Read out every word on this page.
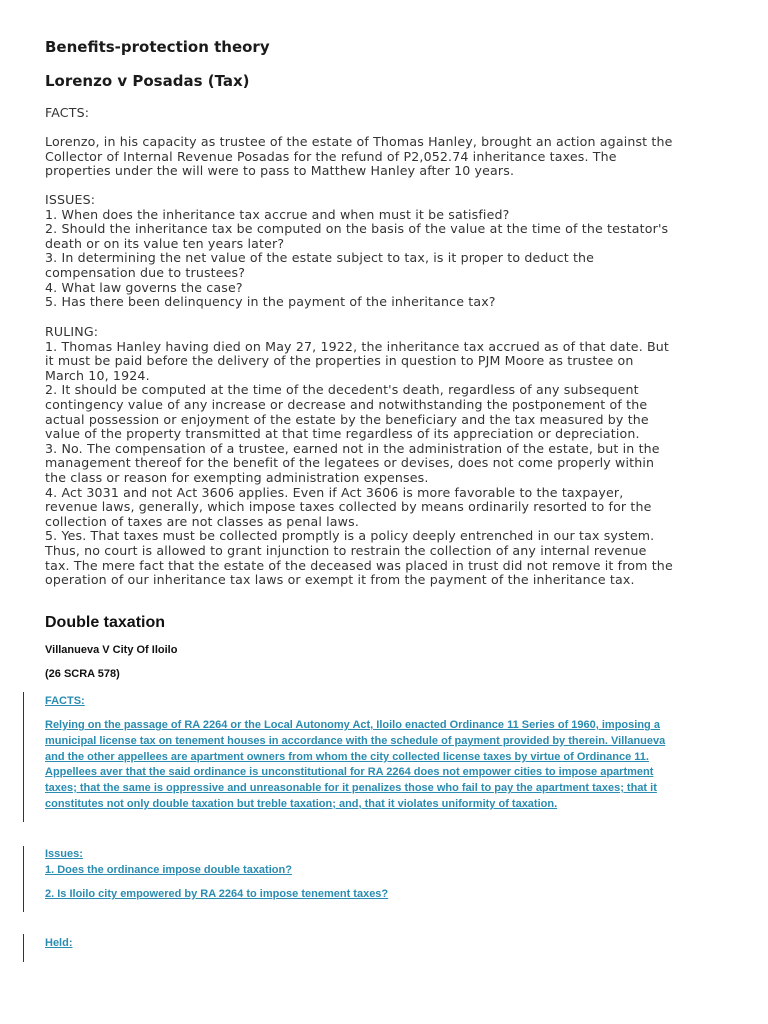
Benefits-protection theory
Lorenzo v Posadas (Tax)
FACTS:
Lorenzo, in his capacity as trustee of the estate of Thomas Hanley, brought an action against the
Collector of Internal Revenue Posadas for the refund of P2,052.74 inheritance taxes. The
properties under the will were to pass to Matthew Hanley after 10 years.
ISSUES:
1. When does the inheritance tax accrue and when must it be satisfied?
2. Should the inheritance tax be computed on the basis of the value at the time of the testator's
death or on its value ten years later?
3. In determining the net value of the estate subject to tax, is it proper to deduct the
compensation due to trustees?
4. What law governs the case?
5. Has there been delinquency in the payment of the inheritance tax?
RULING:
1. Thomas Hanley having died on May 27, 1922, the inheritance tax accrued as of that date. But
it must be paid before the delivery of the properties in question to PJM Moore as trustee on
March 10, 1924.
2. It should be computed at the time of the decedent's death, regardless of any subsequent
contingency value of any increase or decrease and notwithstanding the postponement of the
actual possession or enjoyment of the estate by the beneficiary and the tax measured by the
value of the property transmitted at that time regardless of its appreciation or depreciation.
3. No. The compensation of a trustee, earned not in the administration of the estate, but in the
management thereof for the benefit of the legatees or devises, does not come properly within
the class or reason for exempting administration expenses.
4. Act 3031 and not Act 3606 applies. Even if Act 3606 is more favorable to the taxpayer,
revenue laws, generally, which impose taxes collected by means ordinarily resorted to for the
collection of taxes are not classes as penal laws.
5. Yes. That taxes must be collected promptly is a policy deeply entrenched in our tax system.
Thus, no court is allowed to grant injunction to restrain the collection of any internal revenue
tax. The mere fact that the estate of the deceased was placed in trust did not remove it from the
operation of our inheritance tax laws or exempt it from the payment of the inheritance tax.
Double taxation
Villanueva V City Of Iloilo
(26 SCRA 578)
FACTS:
Relying on the passage of RA 2264 or the Local Autonomy Act, Iloilo enacted Ordinance 11 Series of 1960, imposing a
municipal license tax on tenement houses in accordance with the schedule of payment provided by therein. Villanueva
and the other appellees are apartment owners from whom the city collected license taxes by virtue of Ordinance 11.
Appellees aver that the said ordinance is unconstitutional for RA 2264 does not empower cities to impose apartment
taxes; that the same is oppressive and unreasonable for it penalizes those who fail to pay the apartment taxes; that it
constitutes not only double taxation but treble taxation; and, that it violates uniformity of taxation.
Issues:
1. Does the ordinance impose double taxation?
2. Is Iloilo city empowered by RA 2264 to impose tenement taxes?
Held:
